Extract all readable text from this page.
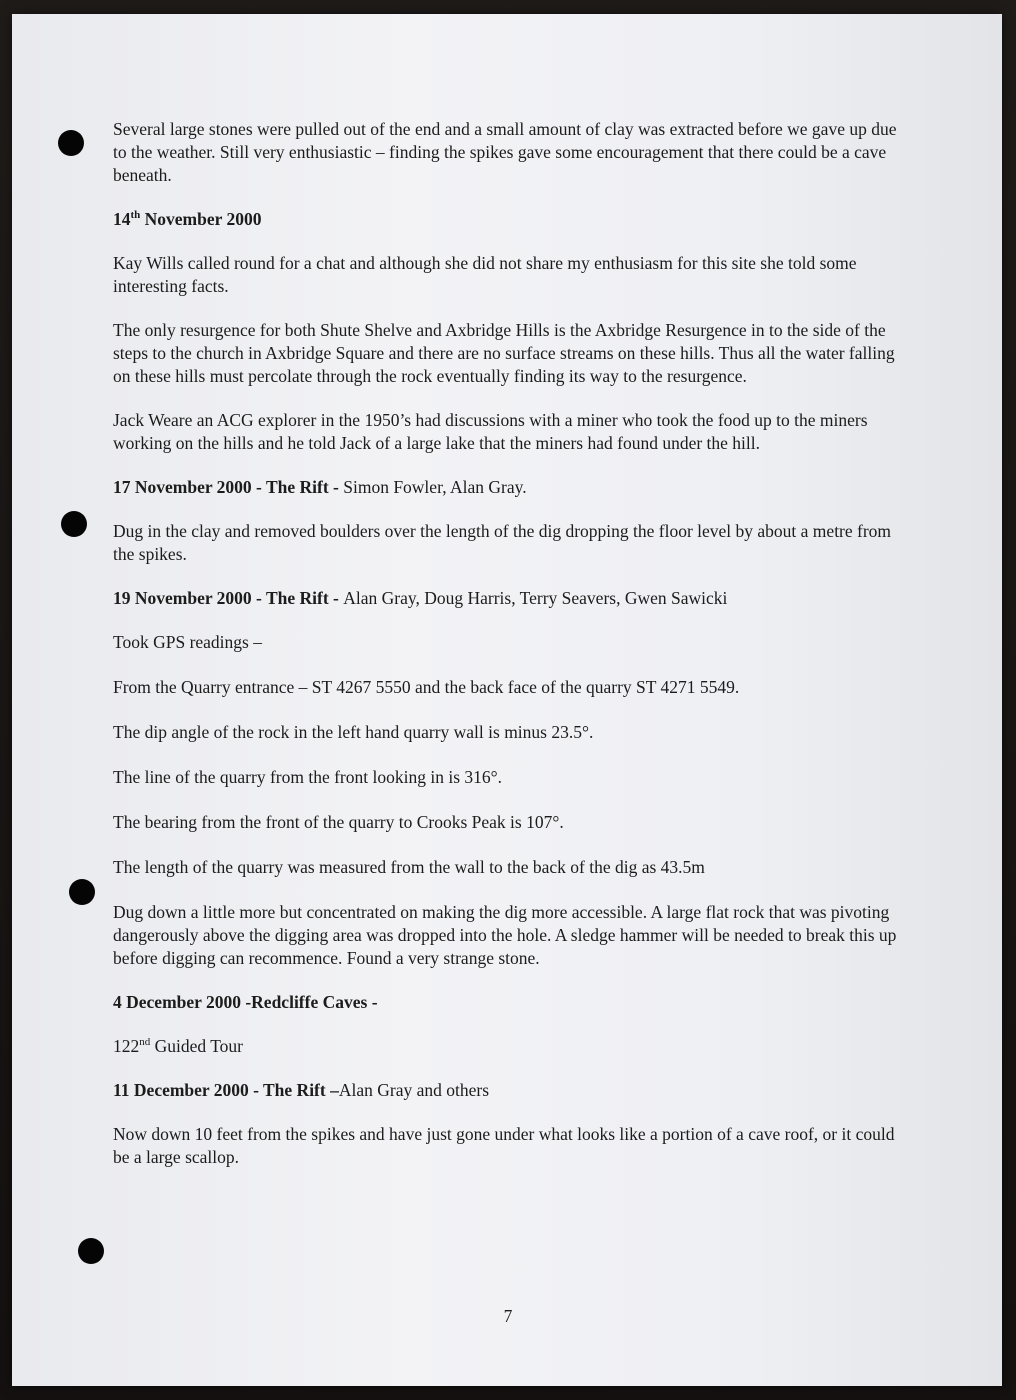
Several large stones were pulled out of the end and a small amount of clay was extracted before we gave up due to the weather. Still very enthusiastic – finding the spikes gave some encouragement that there could be a cave beneath.

14th November 2000

Kay Wills called round for a chat and although she did not share my enthusiasm for this site she told some interesting facts.

The only resurgence for both Shute Shelve and Axbridge Hills is the Axbridge Resurgence in to the side of the steps to the church in Axbridge Square and there are no surface streams on these hills. Thus all the water falling on these hills must percolate through the rock eventually finding its way to the resurgence.

Jack Weare an ACG explorer in the 1950’s had discussions with a miner who took the food up to the miners working on the hills and he told Jack of a large lake that the miners had found under the hill.

17 November 2000 - The Rift - Simon Fowler, Alan Gray.

Dug in the clay and removed boulders over the length of the dig dropping the floor level by about a metre from the spikes.

19 November 2000 - The Rift - Alan Gray, Doug Harris, Terry Seavers, Gwen Sawicki

Took GPS readings –

From the Quarry entrance – ST 4267 5550 and the back face of the quarry ST 4271 5549.

The dip angle of the rock in the left hand quarry wall is minus 23.5°.

The line of the quarry from the front looking in is 316°.

The bearing from the front of the quarry to Crooks Peak is 107°.

The length of the quarry was measured from the wall to the back of the dig as 43.5m

Dug down a little more but concentrated on making the dig more accessible. A large flat rock that was pivoting dangerously above the digging area was dropped into the hole. A sledge hammer will be needed to break this up before digging can recommence. Found a very strange stone.

4 December 2000 -Redcliffe Caves -

122nd Guided Tour

11 December 2000 - The Rift –Alan Gray and others

Now down 10 feet from the spikes and have just gone under what looks like a portion of a cave roof, or it could be a large scallop.

7
